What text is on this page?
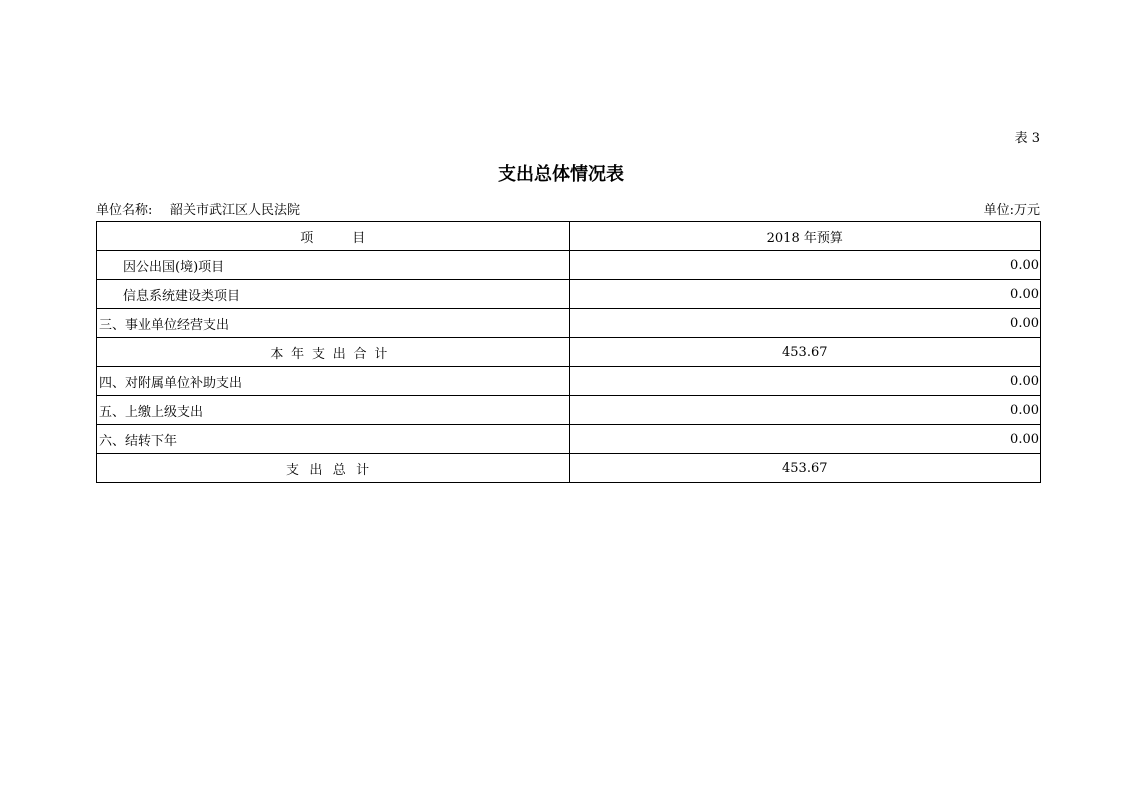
表 3
支出总体情况表
单位名称: 韶关市武江区人民法院	单位:万元
项　　　目	2018 年预算
因公出国(境)项目	0.00
信息系统建设类项目	0.00
三、事业单位经营支出	0.00
本年支出合计	453.67
四、对附属单位补助支出	0.00
五、上缴上级支出	0.00
六、结转下年	0.00
支出总计	453.67
